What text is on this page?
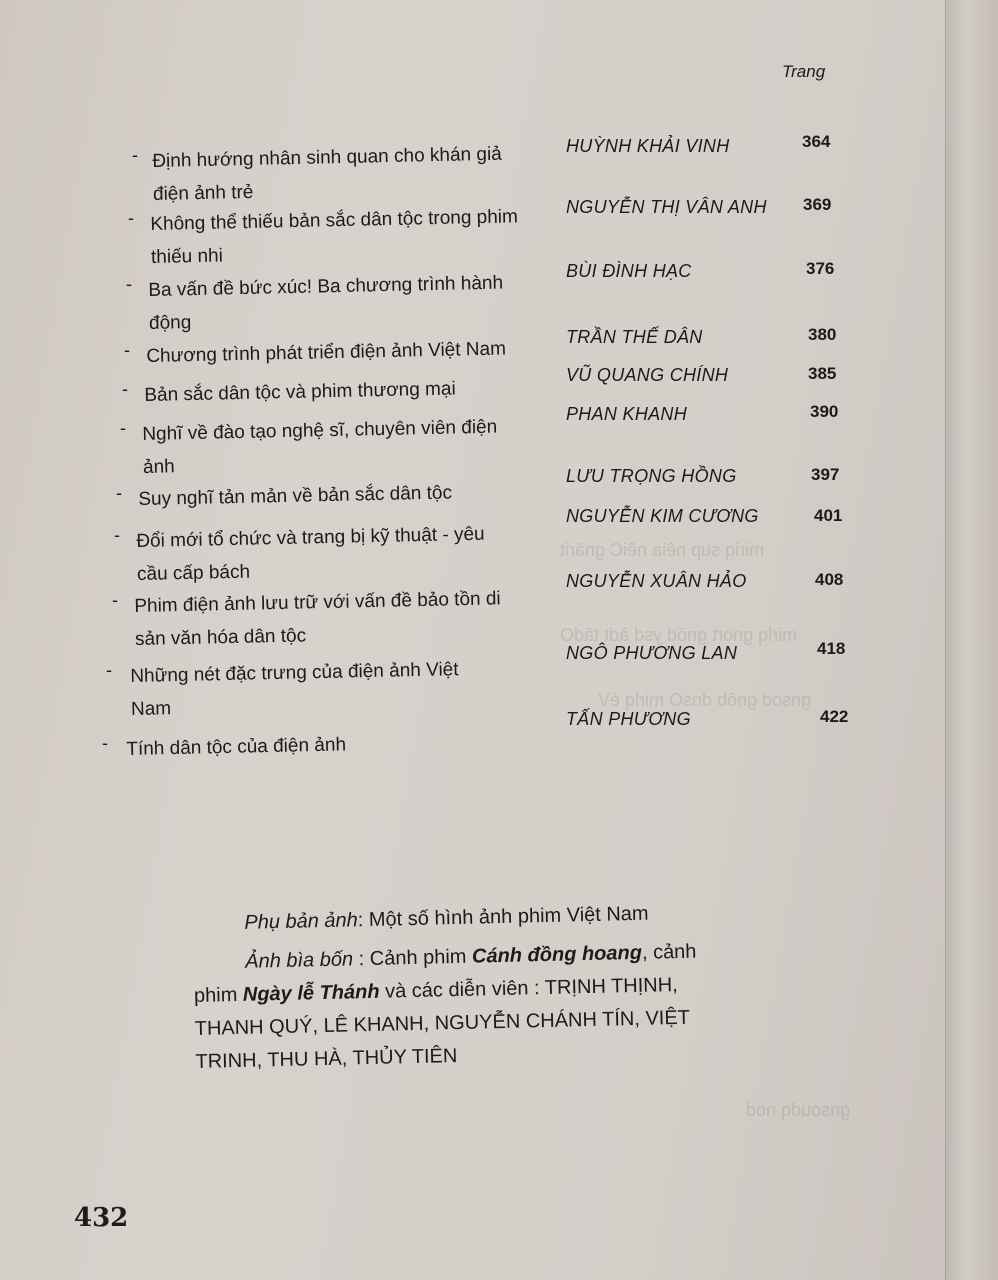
miriq sup nêia nêiC gnărit
mirlq gnort gnöd ysd àdt tâdO
gnsod gnôb dnsO mirlq èV
gnsoudq nöd
Trang
- Định hướng nhân sinh quan cho khán giả điện ảnh trẻ
HUỲNH KHẢI VINH	364
- Không thể thiếu bản sắc dân tộc trong phim thiếu nhi
NGUYỄN THỊ VÂN ANH 369
- Ba vấn đề bức xúc! Ba chương trình hành động
BÙI ĐÌNH HẠC	376
- Chương trình phát triển điện ảnh Việt Nam
TRẦN THẾ DÂN	380
- Bản sắc dân tộc và phim thương mại
VŨ QUANG CHÍNH	385
- Nghĩ về đào tạo nghệ sĩ, chuyên viên điện ảnh
PHAN KHANH	390
- Suy nghĩ tản mản về bản sắc dân tộc
LƯU TRỌNG HỒNG	397
- Đổi mới tổ chức và trang bị kỹ thuật - yêu cầu cấp bách
NGUYỄN KIM CƯƠNG	401
- Phim điện ảnh lưu trữ với vấn đề bảo tồn di sản văn hóa dân tộc
NGUYỄN XUÂN HẢO	408
- Những nét đặc trưng của điện ảnh Việt Nam
NGÔ PHƯƠNG LAN	418
- Tính dân tộc của điện ảnh
TẤN PHƯƠNG	422
Phụ bản ảnh: Một số hình ảnh phim Việt Nam
Ảnh bìa bốn : Cảnh phim Cánh đồng hoang, cảnh
phim Ngày lễ Thánh và các diễn viên : TRỊNH THỊNH,
THANH QUÝ, LÊ KHANH, NGUYỄN CHÁNH TÍN, VIỆT
TRINH, THU HÀ, THỦY TIÊN
432
